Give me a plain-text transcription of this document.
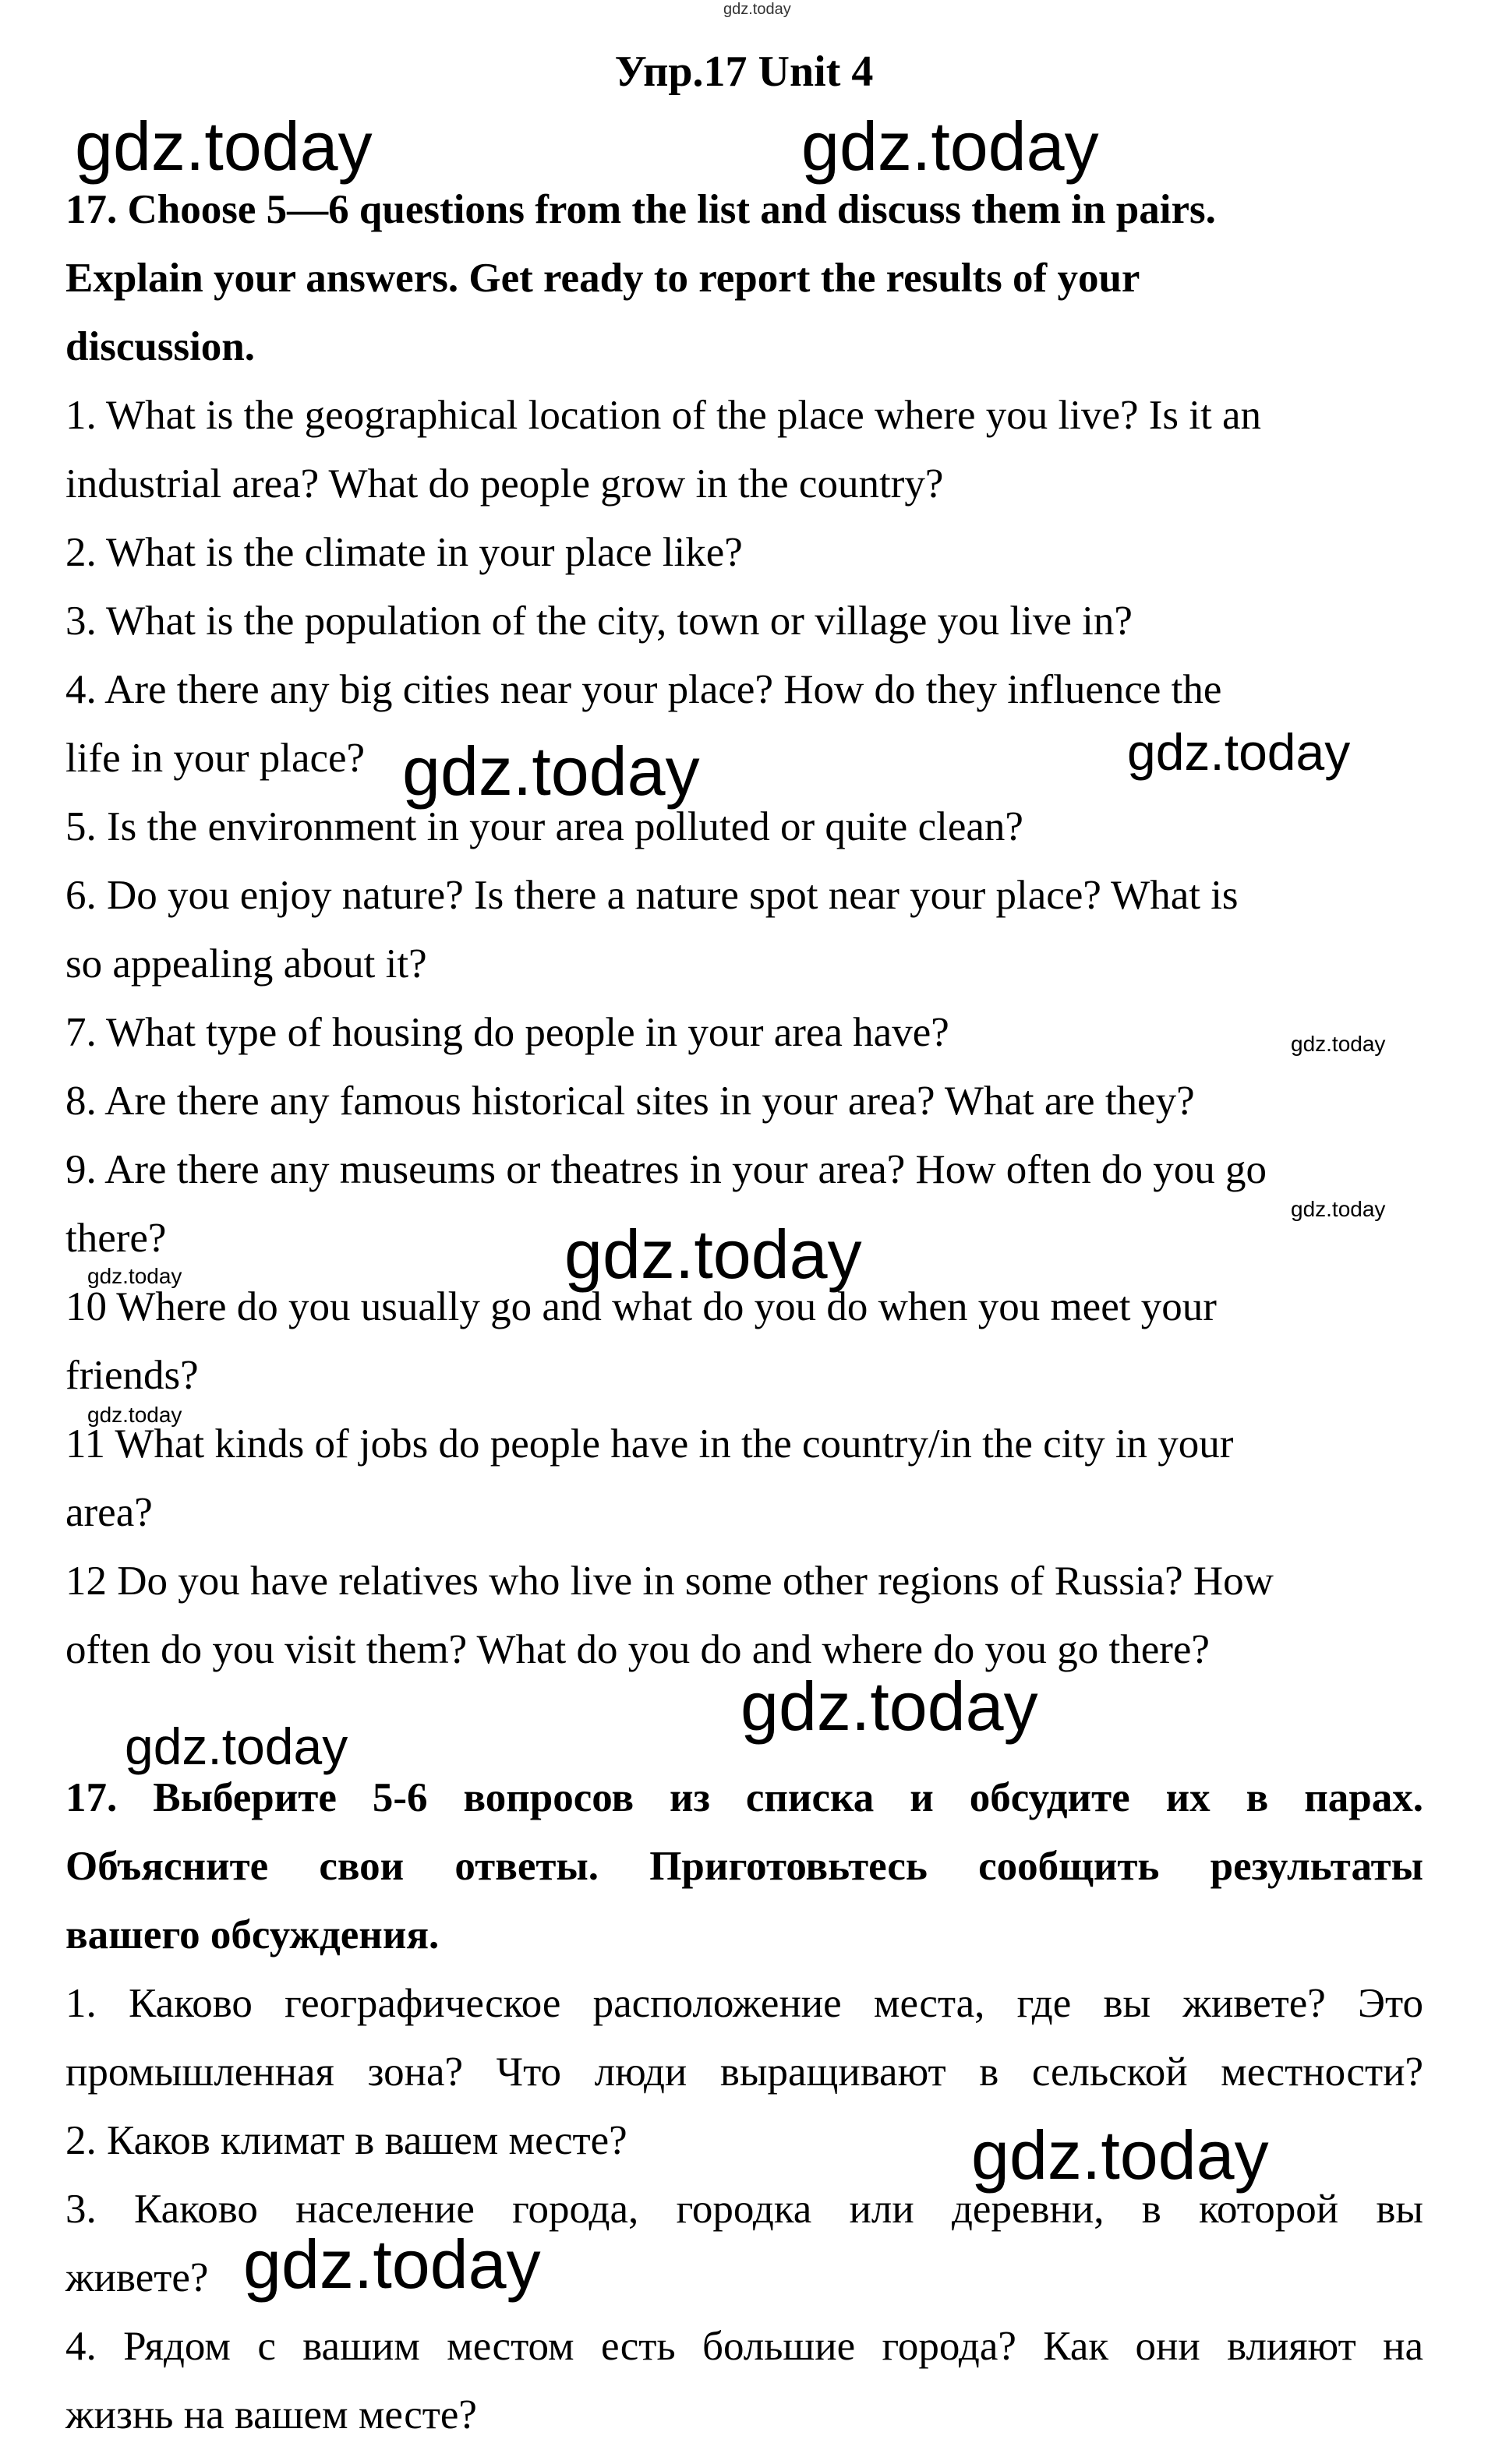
gdz.today
Упр.17 Unit 4
17. Choose 5—6 questions from the list and discuss them in pairs.
Explain your answers. Get ready to report the results of your
discussion.
1. What is the geographical location of the place where you live? Is it an
industrial area? What do people grow in the country?
2. What is the climate in your place like?
3. What is the population of the city, town or village you live in?
4. Are there any big cities near your place? How do they influence the
life in your place?
5. Is the environment in your area polluted or quite clean?
6. Do you enjoy nature? Is there a nature spot near your place? What is
so appealing about it?
7. What type of housing do people in your area have?
8. Are there any famous historical sites in your area? What are they?
9. Are there any museums or theatres in your area? How often do you go
there?
10 Where do you usually go and what do you do when you meet your
friends?
11 What kinds of jobs do people have in the country/in the city in your
area?
12 Do you have relatives who live in some other regions of Russia? How
often do you visit them? What do you do and where do you go there?
17. Выберите 5-6 вопросов из списка и обсудите их в парах.
Объясните свои ответы. Приготовьтесь сообщить результаты
вашего обсуждения.
1. Каково географическое расположение места, где вы живете? Это
промышленная зона? Что люди выращивают в сельской местности?
2. Каков климат в вашем месте?
3. Каково население города, городка или деревни, в которой вы
живете?
4. Рядом с вашим местом есть большие города? Как они влияют на
жизнь на вашем месте?
gdz.today	gdz.today
gdz.today	gdz.today
gdz.today
gdz.today
gdz.today
gdz.today
gdz.today
gdz.today
gdz.today
gdz.today
gdz.today
